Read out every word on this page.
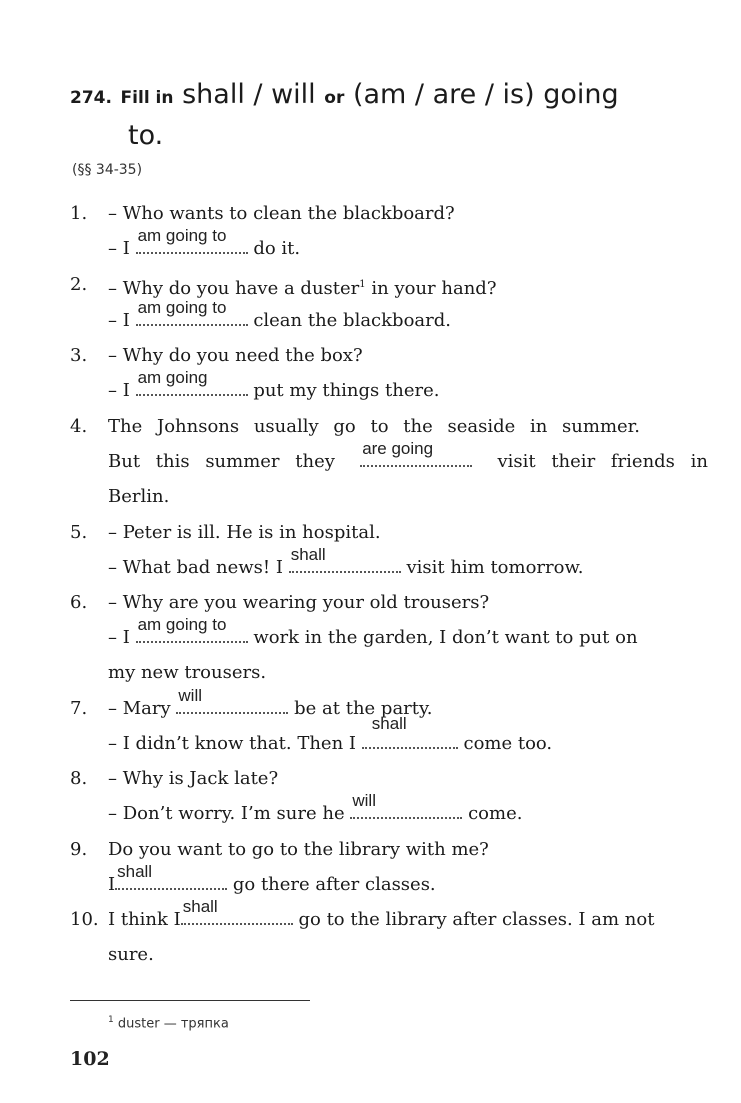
274. Fill in shall / will or (am / are / is) going
to.
(§§ 34-35)
1. – Who wants to clean the blackboard?
– I
am going to
do it.
2. – Why do you have a duster$^1$ in your hand?
– I
am going to
clean the blackboard.
3. – Why do you need the box?
– I
am going
put my things there.
4. The Johnsons usually go to the seaside in summer.
But this summer they
are going
visit their friends in
Berlin.
5. – Peter is ill. He is in hospital.
– What bad news! I
shall
visit him tomorrow.
6. – Why are you wearing your old trousers?
– I
am going to
work in the garden, I don’t want to put on
my new trousers.
7. – Mary
will
be at the party.
– I didn’t know that. Then I
shall
come too.
8. – Why is Jack late?
– Don’t worry. I’m sure he
will
come.
9. Do you want to go to the library with me?
I
shall
go there after classes.
10. I think I
shall
go to the library after classes. I am not
sure.
$^1$ duster — тряпка
102
